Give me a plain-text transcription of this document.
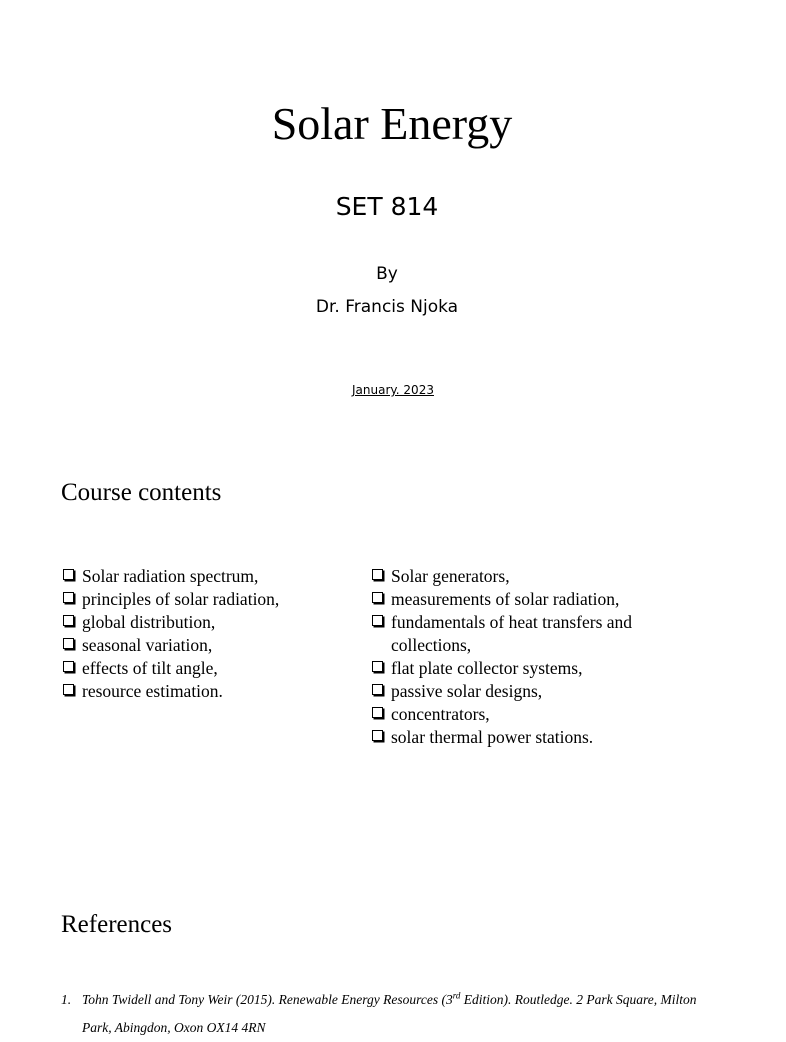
Solar Energy
SET 814
By
Dr. Francis Njoka
January. 2023
Course contents
Solar radiation spectrum,
principles of solar radiation,
global distribution,
seasonal variation,
effects of tilt angle,
resource estimation.
Solar generators,
measurements of solar radiation,
fundamentals of heat transfers and collections,
flat plate collector systems,
passive solar designs,
concentrators,
solar thermal power stations.
References
1. Tohn Twidell and Tony Weir (2015). Renewable Energy Resources (3rd Edition). Routledge. 2 Park Square, Milton Park, Abingdon, Oxon OX14 4RN
